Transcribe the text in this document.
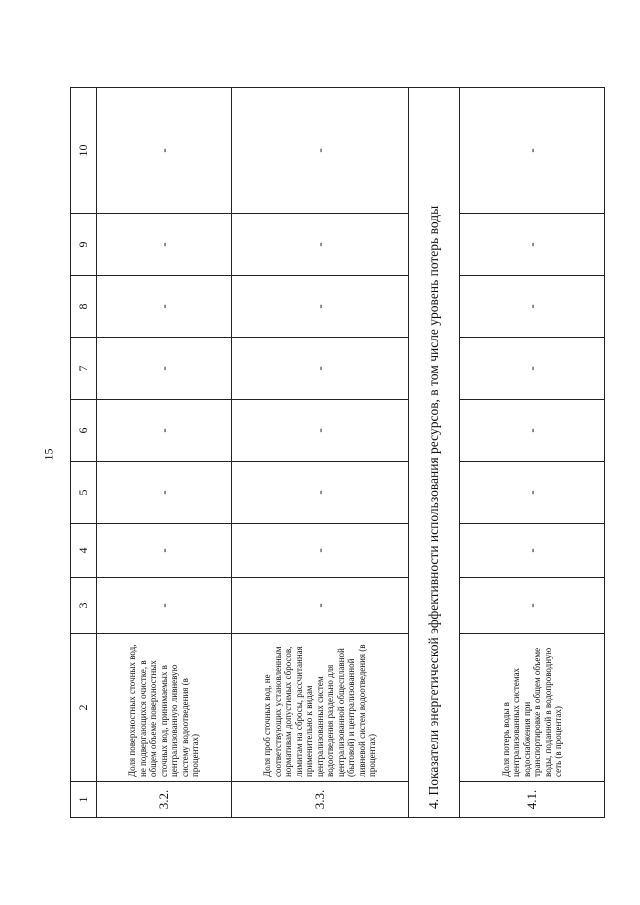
15
1	2	3	4	5	6	7	8	9	10
3.2.	Доля поверхностных сточных вод, не подвергающихся очистке, в общем объеме поверхностных сточных вод, принимаемых в централизованную ливневую систему водоотведения (в процентах)	-	-	-	-	-	-	-	-
3.3.	Доля проб сточных вод, не соответствующих установленным нормативам допустимых сбросов, лимитам на сбросы, рассчитанная применительно к видам централизованных систем водоотведения раздельно для централизованной общесплавной (бытовой) и централизованной ливневой систем водоотведения (в процентах)	-	-	-	-	-	-	-	-
4. Показатели энергетической эффективности использования ресурсов, в том числе уровень потерь воды									
4.1.	Доля потерь воды в централизованных системах водоснабжения при транспортировке в общем объеме воды, поданной в водопроводную сеть (в процентах)	-	-	-	-	-	-	-	-
